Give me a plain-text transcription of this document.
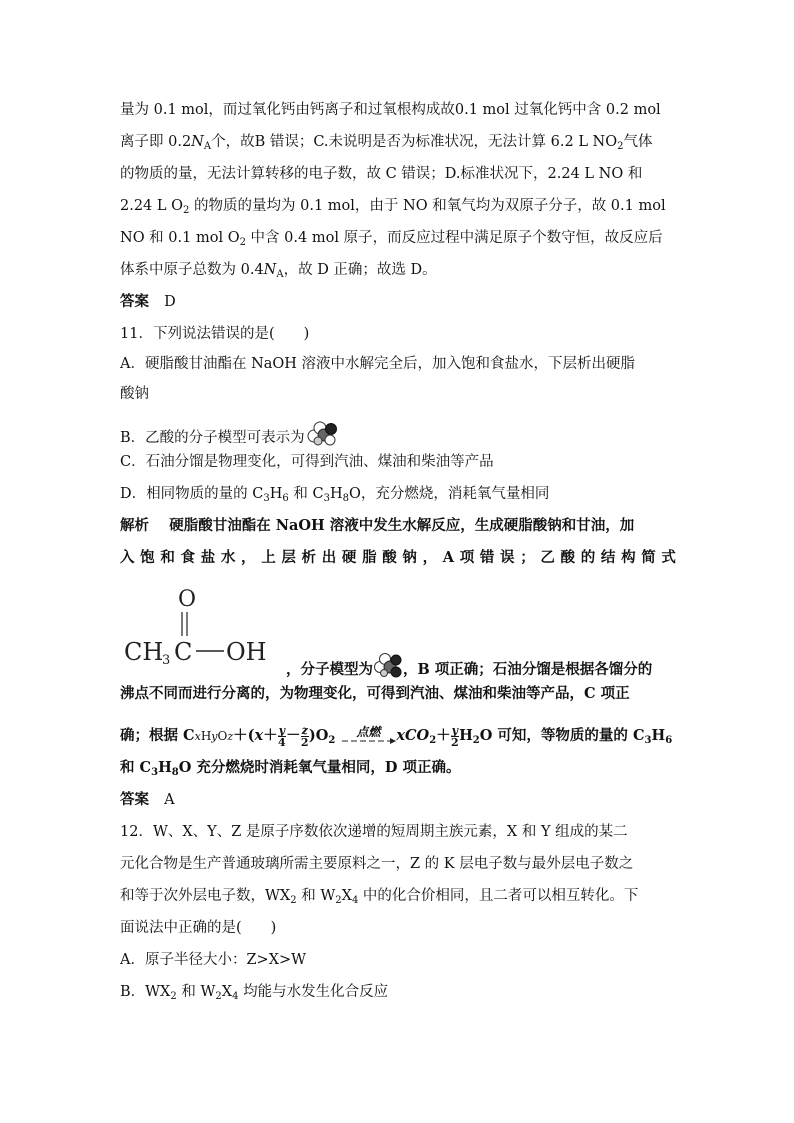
量为 0.1 mol，而过氧化钙由钙离子和过氧根构成故0.1 mol 过氧化钙中含 0.2 mol
离子即 $0.2N_A$个，故B 错误；C.未说明是否为标准状况，无法计算 6.2 L $NO_2$气体
的物质的量，无法计算转移的电子数，故 C 错误；D.标准状况下，2.24 L NO 和
2.24 L $O_2$ 的物质的量均为 0.1 mol，由于 NO 和氧气均为双原子分子，故 0.1 mol
NO 和 0.1 mol $O_2$ 中含 0.4 mol 原子，而反应过程中满足原子个数守恒，故反应后
体系中原子总数为 $0.4N_A$，故 D 正确；故选 D。
答案 D
11．下列说法错误的是(　　)
A．硬脂酸甘油酯在 NaOH 溶液中水解完全后，加入饱和食盐水，下层析出硬脂
酸钠
B．乙酸的分子模型可表示为
C．石油分馏是物理变化，可得到汽油、煤油和柴油等产品
D．相同物质的量的 $C_3H_6$ 和 $C_3H_8O$，充分燃烧，消耗氧气量相同
解析 硬脂酸甘油酯在 NaOH 溶液中发生水解反应，生成硬脂酸钠和甘油，加
入 饱 和 食 盐 水 ， 上 层 析 出 硬 脂 酸 钠 ， A 项 错 误 ； 乙 酸 的 结 构 简 式
O
CH
3 C OH
，分子模型为 ，B 项正确；石油分馏是根据各馏分的
沸点不同而进行分离的，为物理变化，可得到汽油、煤油和柴油等产品，C 项正
确；根据 CxHyOz＋(x＋ $\frac{y}{4} - \frac{z}{2} )O_2$
点燃	$xCO_2+ \frac{y}{2} H_2O$ 可知，等物质的量的 $C_3H_6$
和 $C_3H_8O$ 充分燃烧时消耗氧气量相同，D 项正确。
答案 A
12．W、X、Y、Z 是原子序数依次递增的短周期主族元素，X 和 Y 组成的某二
元化合物是生产普通玻璃所需主要原料之一，Z 的 K 层电子数与最外层电子数之
和等于次外层电子数，$WX_2$ 和 $W_2X_4$ 中的化合价相同，且二者可以相互转化。下
面说法中正确的是(　　)
A．原子半径大小：Z>X>W
B．$WX_2$ 和 $W_2X_4$ 均能与水发生化合反应
